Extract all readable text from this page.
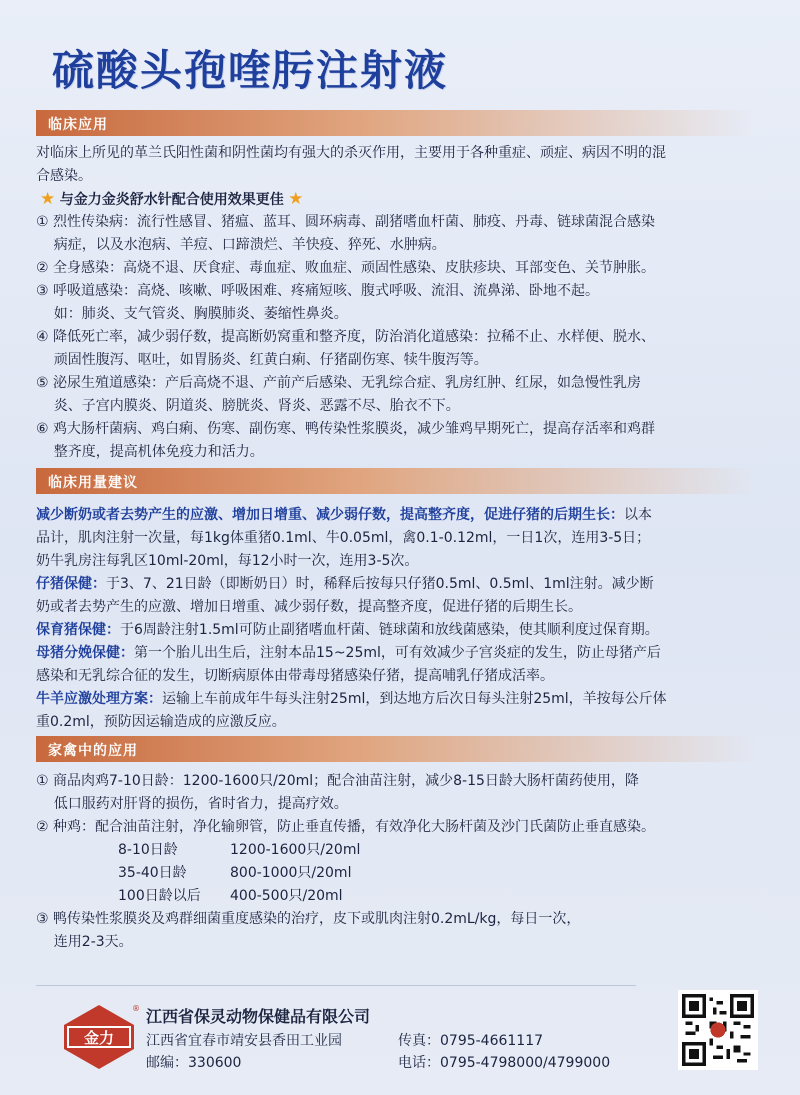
硫酸头孢喹肟注射液
临床应用
对临床上所见的革兰氏阳性菌和阴性菌均有强大的杀灭作用，主要用于各种重症、顽症、病因不明的混
合感染。
★ 与金力金炎舒水针配合使用效果更佳 ★
① 烈性传染病：流行性感冒、猪瘟、蓝耳、圆环病毒、副猪嗜血杆菌、肺疫、丹毒、链球菌混合感染
病症，以及水泡病、羊痘、口蹄溃烂、羊快疫、猝死、水肿病。
② 全身感染：高烧不退、厌食症、毒血症、败血症、顽固性感染、皮肤疹块、耳部变色、关节肿胀。
③ 呼吸道感染：高烧、咳嗽、呼吸困难、疼痛短咳、腹式呼吸、流泪、流鼻涕、卧地不起。
如：肺炎、支气管炎、胸膜肺炎、萎缩性鼻炎。
④ 降低死亡率，减少弱仔数，提高断奶窝重和整齐度，防治消化道感染：拉稀不止、水样便、脱水、
顽固性腹泻、呕吐，如胃肠炎、红黄白痢、仔猪副伤寒、犊牛腹泻等。
⑤ 泌尿生殖道感染：产后高烧不退、产前产后感染、无乳综合症、乳房红肿、红尿，如急慢性乳房
炎、子宫内膜炎、阴道炎、膀胱炎、肾炎、恶露不尽、胎衣不下。
⑥ 鸡大肠杆菌病、鸡白痢、伤寒、副伤寒、鸭传染性浆膜炎，减少雏鸡早期死亡，提高存活率和鸡群
整齐度，提高机体免疫力和活力。
临床用量建议
减少断奶或者去势产生的应激、增加日增重、减少弱仔数，提高整齐度，促进仔猪的后期生长：以本
品计，肌肉注射一次量，每1kg体重猪0.1ml、牛0.05ml，禽0.1-0.12ml，一日1次，连用3-5日；
奶牛乳房注每乳区10ml-20ml，每12小时一次，连用3-5次。
仔猪保健：于3、7、21日龄（即断奶日）时，稀释后按每只仔猪0.5ml、0.5ml、1ml注射。减少断
奶或者去势产生的应激、增加日增重、减少弱仔数，提高整齐度，促进仔猪的后期生长。
保育猪保健：于6周龄注射1.5ml可防止副猪嗜血杆菌、链球菌和放线菌感染，使其顺利度过保育期。
母猪分娩保健：第一个胎儿出生后，注射本品15~25ml，可有效减少子宫炎症的发生，防止母猪产后
感染和无乳综合征的发生，切断病原体由带毒母猪感染仔猪，提高哺乳仔猪成活率。
牛羊应激处理方案：运输上车前成年牛每头注射25ml，到达地方后次日每头注射25ml，羊按每公斤体
重0.2ml，预防因运输造成的应激反应。
家禽中的应用
① 商品肉鸡7-10日龄：1200-1600只/20ml；配合油苗注射，减少8-15日龄大肠杆菌药使用，降
低口服药对肝肾的损伤，省时省力，提高疗效。
② 种鸡：配合油苗注射，净化输卵管，防止垂直传播，有效净化大肠杆菌及沙门氏菌防止垂直感染。
8-10日龄	1200-1600只/20ml
35-40日龄	800-1000只/20ml
100日龄以后 400-500只/20ml
③ 鸭传染性浆膜炎及鸡群细菌重度感染的治疗，皮下或肌肉注射0.2mL/kg，每日一次，
连用2-3天。
金力
® 江西省保灵动物保健品有限公司
江西省宜春市靖安县香田工业园
邮编：330600
传真：0795-4661117
电话：0795-4798000/4799000
